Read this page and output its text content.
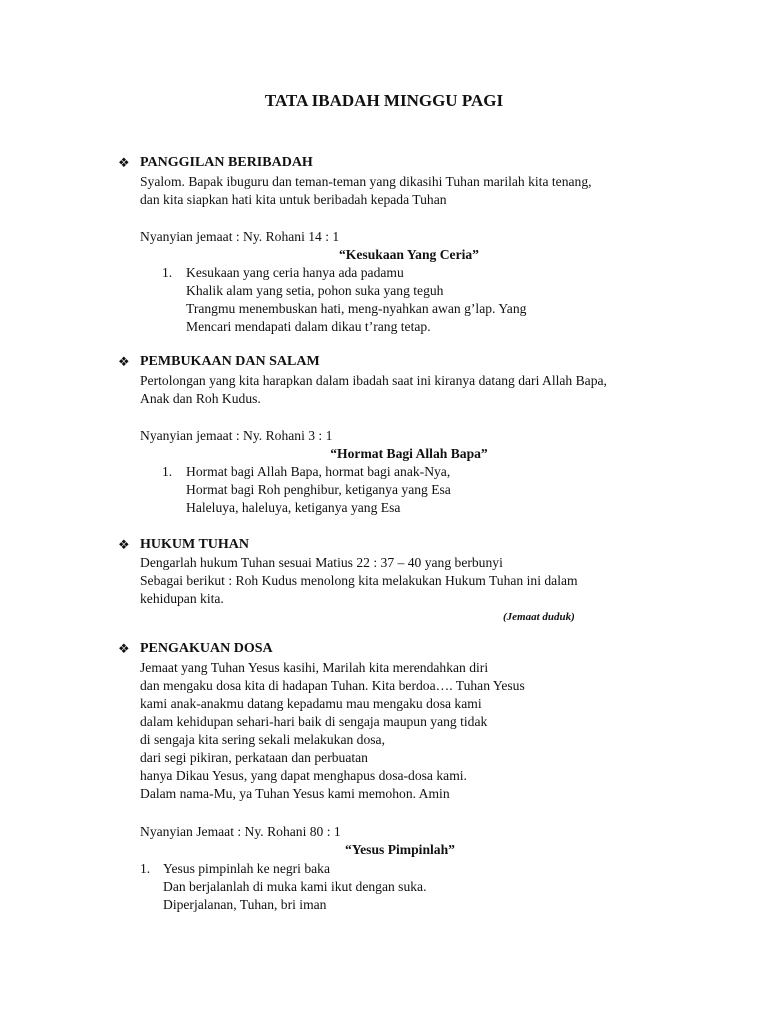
TATA IBADAH MINGGU PAGI
❖ PANGGILAN BERIBADAH
Syalom. Bapak ibuguru dan teman-teman yang dikasihi Tuhan marilah kita tenang,
dan kita siapkan hati kita untuk beribadah kepada Tuhan
Nyanyian jemaat : Ny. Rohani 14 : 1
“Kesukaan Yang Ceria”
1. Kesukaan yang ceria hanya ada padamu
Khalik alam yang setia, pohon suka yang teguh
Trangmu menembuskan hati, meng-nyahkan awan g’lap. Yang
Mencari mendapati dalam dikau t’rang tetap.
❖ PEMBUKAAN DAN SALAM
Pertolongan yang kita harapkan dalam ibadah saat ini kiranya datang dari Allah Bapa,
Anak dan Roh Kudus.
Nyanyian jemaat : Ny. Rohani 3 : 1
“Hormat Bagi Allah Bapa”
1. Hormat bagi Allah Bapa, hormat bagi anak-Nya,
Hormat bagi Roh penghibur, ketiganya yang Esa
Haleluya, haleluya, ketiganya yang Esa
❖ HUKUM TUHAN
Dengarlah hukum Tuhan sesuai Matius 22 : 37 – 40 yang berbunyi
Sebagai berikut : Roh Kudus menolong kita melakukan Hukum Tuhan ini dalam
kehidupan kita.
(Jemaat duduk)
❖ PENGAKUAN DOSA
Jemaat yang Tuhan Yesus kasihi, Marilah kita merendahkan diri
dan mengaku dosa kita di hadapan Tuhan. Kita berdoa…. Tuhan Yesus
kami anak-anakmu datang kepadamu mau mengaku dosa kami
dalam kehidupan sehari-hari baik di sengaja maupun yang tidak
di sengaja kita sering sekali melakukan dosa,
dari segi pikiran, perkataan dan perbuatan
hanya Dikau Yesus, yang dapat menghapus dosa-dosa kami.
Dalam nama-Mu, ya Tuhan Yesus kami memohon. Amin
Nyanyian Jemaat : Ny. Rohani 80 : 1
“Yesus Pimpinlah”
1. Yesus pimpinlah ke negri baka
Dan berjalanlah di muka kami ikut dengan suka.
Diperjalanan, Tuhan, bri iman
